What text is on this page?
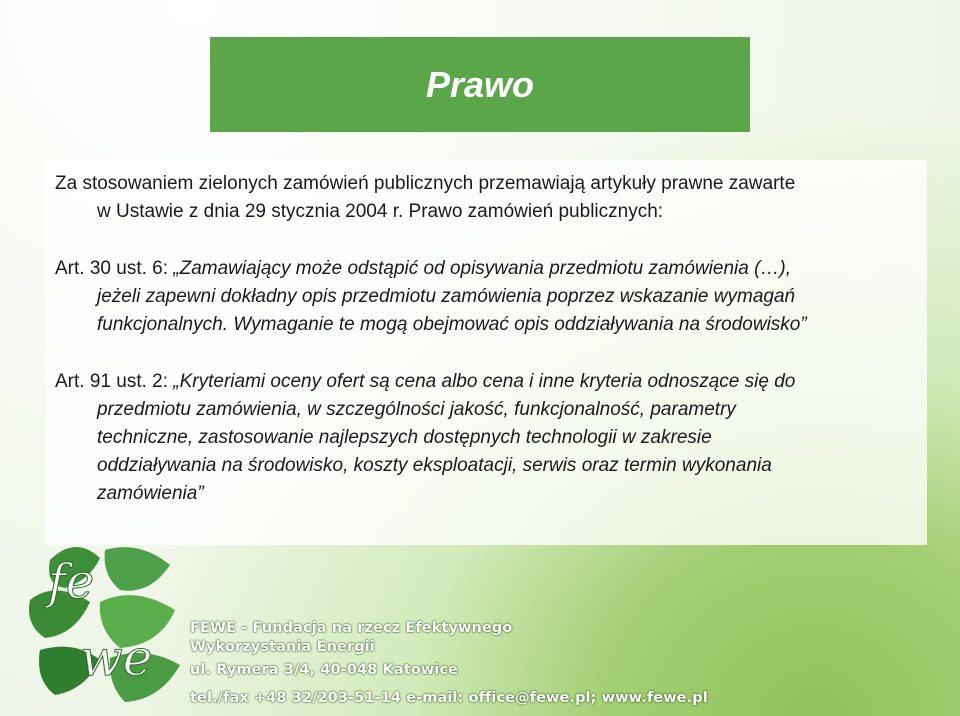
Prawo
Za stosowaniem zielonych zamówień publicznych przemawiają artykuły prawne zawarte
w Ustawie z dnia 29 stycznia 2004 r. Prawo zamówień publicznych:
Art. 30 ust. 6: „Zamawiający może odstąpić od opisywania przedmiotu zamówienia (…),
jeżeli zapewni dokładny opis przedmiotu zamówienia poprzez wskazanie wymagań
funkcjonalnych. Wymaganie te mogą obejmować opis oddziaływania na środowisko”
Art. 91 ust. 2: „Kryteriami oceny ofert są cena albo cena i inne kryteria odnoszące się do
przedmiotu zamówienia, w szczególności jakość, funkcjonalność, parametry
techniczne, zastosowanie najlepszych dostępnych technologii w zakresie
oddziaływania na środowisko, koszty eksploatacji, serwis oraz termin wykonania
zamówienia”
fe
we
FEWE - Fundacja na rzecz Efektywnego
Wykorzystania Energii
ul. Rymera 3/4, 40-048 Katowice
tel./fax +48 32/203-51-14 e-mail: office@fewe.pl; www.fewe.pl
